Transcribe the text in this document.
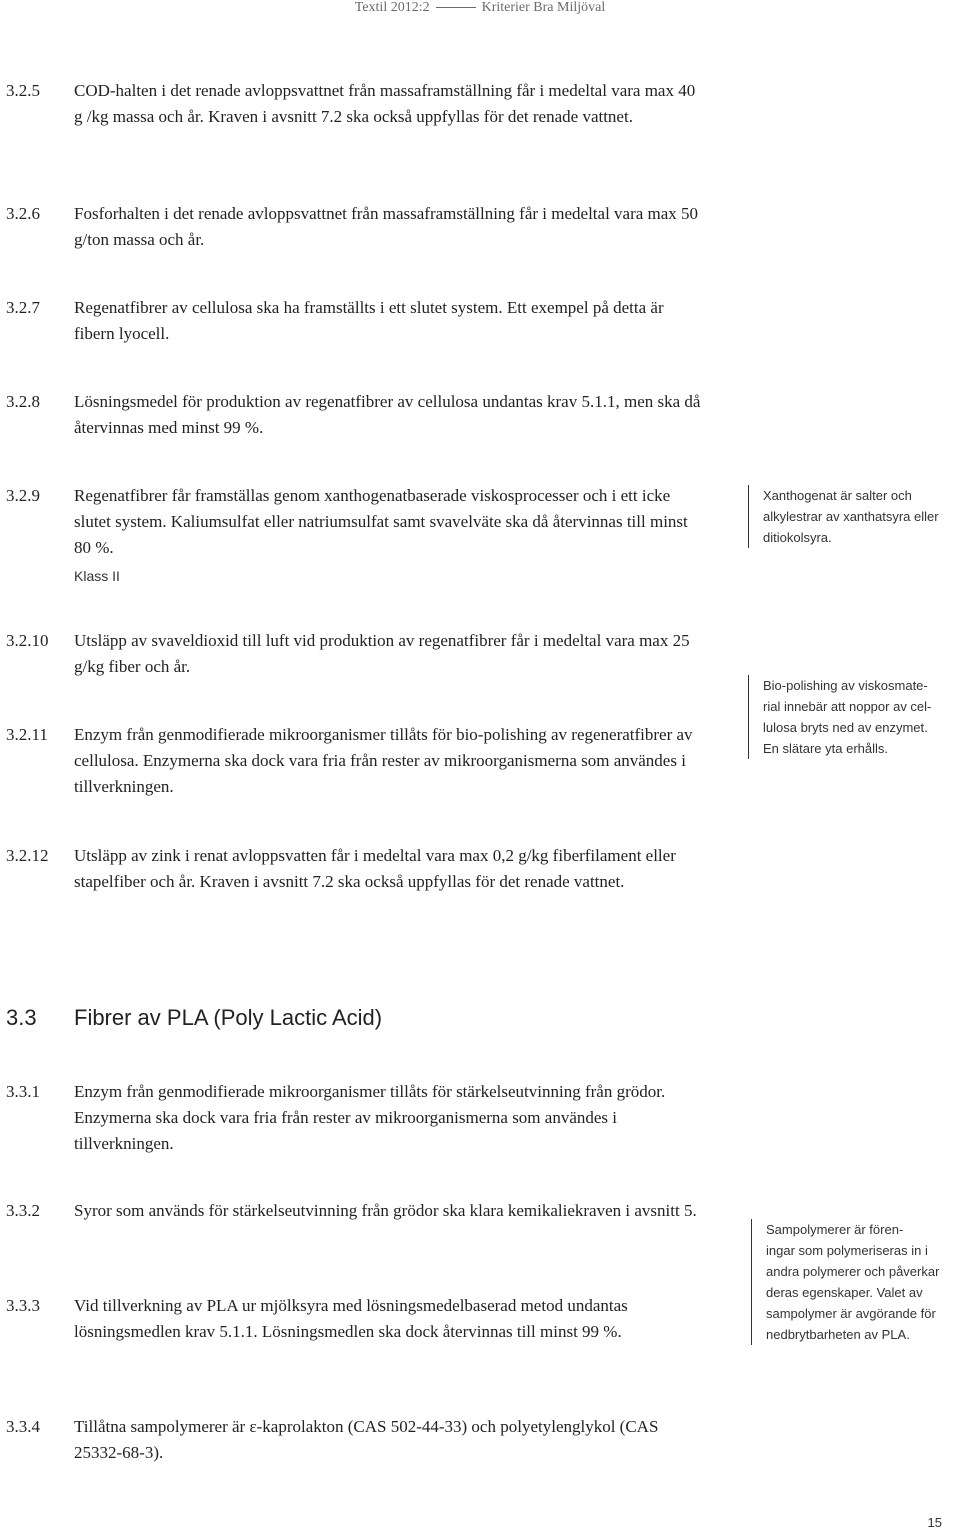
Textil 2012:2	Kriterier Bra Miljöval
3.2.5	COD-halten i det renade avloppsvattnet från massaframställning får i medeltal vara max 40 g /kg massa och år. Kraven i avsnitt 7.2 ska också uppfyllas för det renade vattnet.
3.2.6	Fosforhalten i det renade avloppsvattnet från massaframställning får i medeltal vara max 50 g/ton massa och år.
3.2.7	Regenatfibrer av cellulosa ska ha framställts i ett slutet system. Ett exempel på detta är fibern lyocell.
3.2.8	Lösningsmedel för produktion av regenatfibrer av cellulosa undantas krav 5.1.1, men ska då återvinnas med minst 99 %.
3.2.9	Regenatfibrer får framställas genom xanthogenatbaserade viskosprocesser och i ett icke slutet system. Kaliumsulfat eller natriumsulfat samt svavelväte ska då återvinnas till minst 80 %.
Klass II
3.2.10	Utsläpp av svaveldioxid till luft vid produktion av regenatfibrer får i medeltal vara max 25 g/kg fiber och år.
3.2.11	Enzym från genmodifierade mikroorganismer tillåts för bio-polishing av regeneratfibrer av cellulosa. Enzymerna ska dock vara fria från rester av mikroorganismerna som användes i tillverkningen.
3.2.12	Utsläpp av zink i renat avloppsvatten får i medeltal vara max 0,2 g/kg fiberfilament eller stapelfiber och år. Kraven i avsnitt 7.2 ska också uppfyllas för det renade vattnet.
3.3	Fibrer av PLA (Poly Lactic Acid)
3.3.1	Enzym från genmodifierade mikroorganismer tillåts för stärkelseutvinning från grödor. Enzymerna ska dock vara fria från rester av mikroorganismerna som användes i tillverkningen.
3.3.2	Syror som används för stärkelseutvinning från grödor ska klara kemikaliekraven i avsnitt 5.
3.3.3	Vid tillverkning av PLA ur mjölksyra med lösningsmedelbaserad metod undantas lösningsmedlen krav 5.1.1. Lösningsmedlen ska dock återvinnas till minst 99 %.
3.3.4	Tillåtna sampolymerer är ε-kaprolakton (CAS 502-44-33) och polyetylenglykol (CAS 25332-68-3).
Xanthogenat är salter och
alkylestrar av xanthatsyra eller
ditiokolsyra.
Bio-polishing av viskosmate-
rial innebär att noppor av cel-
lulosa bryts ned av enzymet.
En slätare yta erhålls.
Sampolymerer är fören-
ingar som polymeriseras in i
andra polymerer och påverkar
deras egenskaper. Valet av
sampolymer är avgörande för
nedbrytbarheten av PLA.
15
